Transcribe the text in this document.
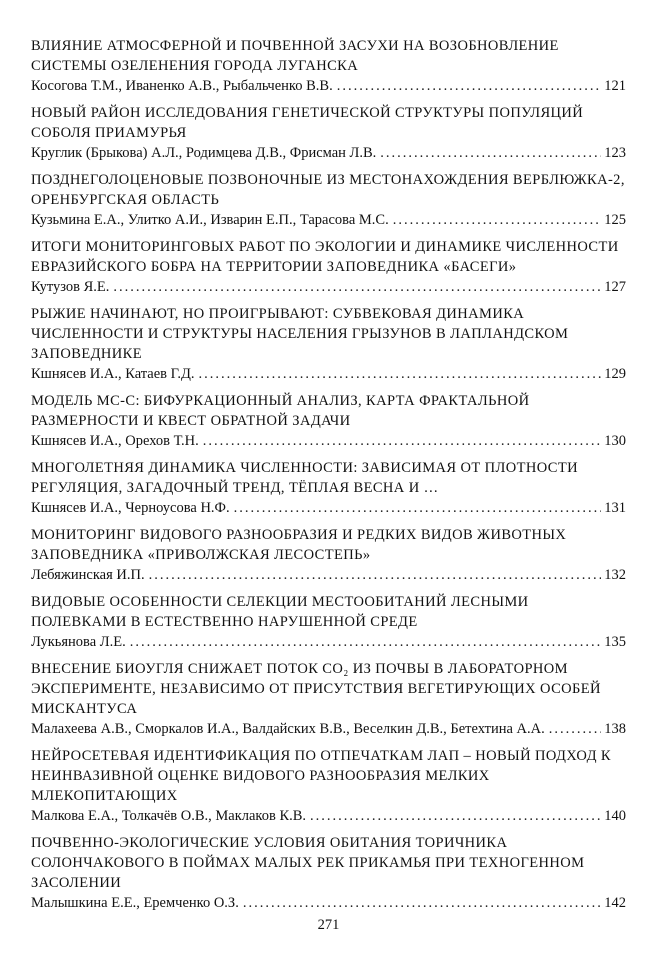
ВЛИЯНИЕ АТМОСФЕРНОЙ И ПОЧВЕННОЙ ЗАСУХИ НА ВОЗОБНОВЛЕНИЕ СИСТЕМЫ ОЗЕЛЕНЕНИЯ ГОРОДА ЛУГАНСКА
Косогова Т.М., Иваненко А.В., Рыбальченко В.В. .....	121
НОВЫЙ РАЙОН ИССЛЕДОВАНИЯ ГЕНЕТИЧЕСКОЙ СТРУКТУРЫ ПОПУЛЯЦИЙ СОБОЛЯ ПРИАМУРЬЯ
Круглик (Брыкова) А.Л., Родимцева Д.В., Фрисман Л.В. .....	123
ПОЗДНЕГОЛОЦЕНОВЫЕ ПОЗВОНОЧНЫЕ ИЗ МЕСТОНАХОЖДЕНИЯ ВЕРБЛЮЖКА-2, ОРЕНБУРГСКАЯ ОБЛАСТЬ
Кузьмина Е.А., Улитко А.И., Изварин Е.П., Тарасова М.С. .....	125
ИТОГИ МОНИТОРИНГОВЫХ РАБОТ ПО ЭКОЛОГИИ И ДИНАМИКЕ ЧИСЛЕННОСТИ ЕВРАЗИЙСКОГО БОБРА НА ТЕРРИТОРИИ ЗАПОВЕДНИКА «БАСЕГИ»
Кутузов Я.Е. .....	127
РЫЖИЕ НАЧИНАЮТ, НО ПРОИГРЫВАЮТ: СУБВЕКОВАЯ ДИНАМИКА ЧИСЛЕННОСТИ И СТРУКТУРЫ НАСЕЛЕНИЯ ГРЫЗУНОВ В ЛАПЛАНДСКОМ ЗАПОВЕДНИКЕ
Кшнясев И.А., Катаев Г.Д. .....	129
МОДЕЛЬ МС-С: БИФУРКАЦИОННЫЙ АНАЛИЗ, КАРТА ФРАКТАЛЬНОЙ РАЗМЕРНОСТИ И КВЕСТ ОБРАТНОЙ ЗАДАЧИ
Кшнясев И.А., Орехов Т.Н. .....	130
МНОГОЛЕТНЯЯ ДИНАМИКА ЧИСЛЕННОСТИ: ЗАВИСИМАЯ ОТ ПЛОТНОСТИ РЕГУЛЯЦИЯ, ЗАГАДОЧНЫЙ ТРЕНД, ТЁПЛАЯ ВЕСНА И …
Кшнясев И.А., Черноусова Н.Ф. .....	131
МОНИТОРИНГ ВИДОВОГО РАЗНООБРАЗИЯ И РЕДКИХ ВИДОВ ЖИВОТНЫХ ЗАПОВЕДНИКА «ПРИВОЛЖСКАЯ ЛЕСОСТЕПЬ»
Лебяжинская И.П. .....	132
ВИДОВЫЕ ОСОБЕННОСТИ СЕЛЕКЦИИ МЕСТООБИТАНИЙ ЛЕСНЫМИ ПОЛЕВКАМИ В ЕСТЕСТВЕННО НАРУШЕННОЙ СРЕДЕ
Лукьянова Л.Е. .....	135
ВНЕСЕНИЕ БИОУГЛЯ СНИЖАЕТ ПОТОК СО₂ ИЗ ПОЧВЫ В ЛАБОРАТОРНОМ ЭКСПЕРИМЕНТЕ, НЕЗАВИСИМО ОТ ПРИСУТСТВИЯ ВЕГЕТИРУЮЩИХ ОСОБЕЙ МИСКАНТУСА
Малахеева А.В., Сморкалов И.А., Валдайских В.В., Веселкин Д.В., Бетехтина А.А. .....	138
НЕЙРОСЕТЕВАЯ ИДЕНТИФИКАЦИЯ ПО ОТПЕЧАТКАМ ЛАП – НОВЫЙ ПОДХОД К НЕИНВАЗИВНОЙ ОЦЕНКЕ ВИДОВОГО РАЗНООБРАЗИЯ МЕЛКИХ МЛЕКОПИТАЮЩИХ
Малкова Е.А., Толкачёв О.В., Маклаков К.В. .....	140
ПОЧВЕННО-ЭКОЛОГИЧЕСКИЕ УСЛОВИЯ ОБИТАНИЯ ТОРИЧНИКА СОЛОНЧАКОВОГО В ПОЙМАХ МАЛЫХ РЕК ПРИКАМЬЯ ПРИ ТЕХНОГЕННОМ ЗАСОЛЕНИИ
Малышкина Е.Е., Еремченко О.З. .....	142
271
